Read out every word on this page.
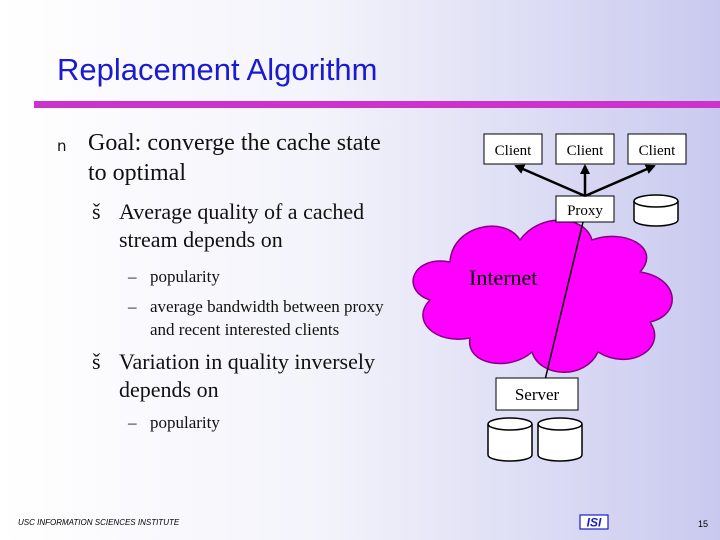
Replacement Algorithm
n Goal: converge the cache state
to optimal
š Average quality of a cached
stream depends on
– popularity
– average bandwidth between proxy
and recent interested clients
š Variation in quality inversely
depends on
– popularity
Client Client Client
Proxy
Internet
Server
USC INFORMATION SCIENCES INSTITUTE	ISI	15
